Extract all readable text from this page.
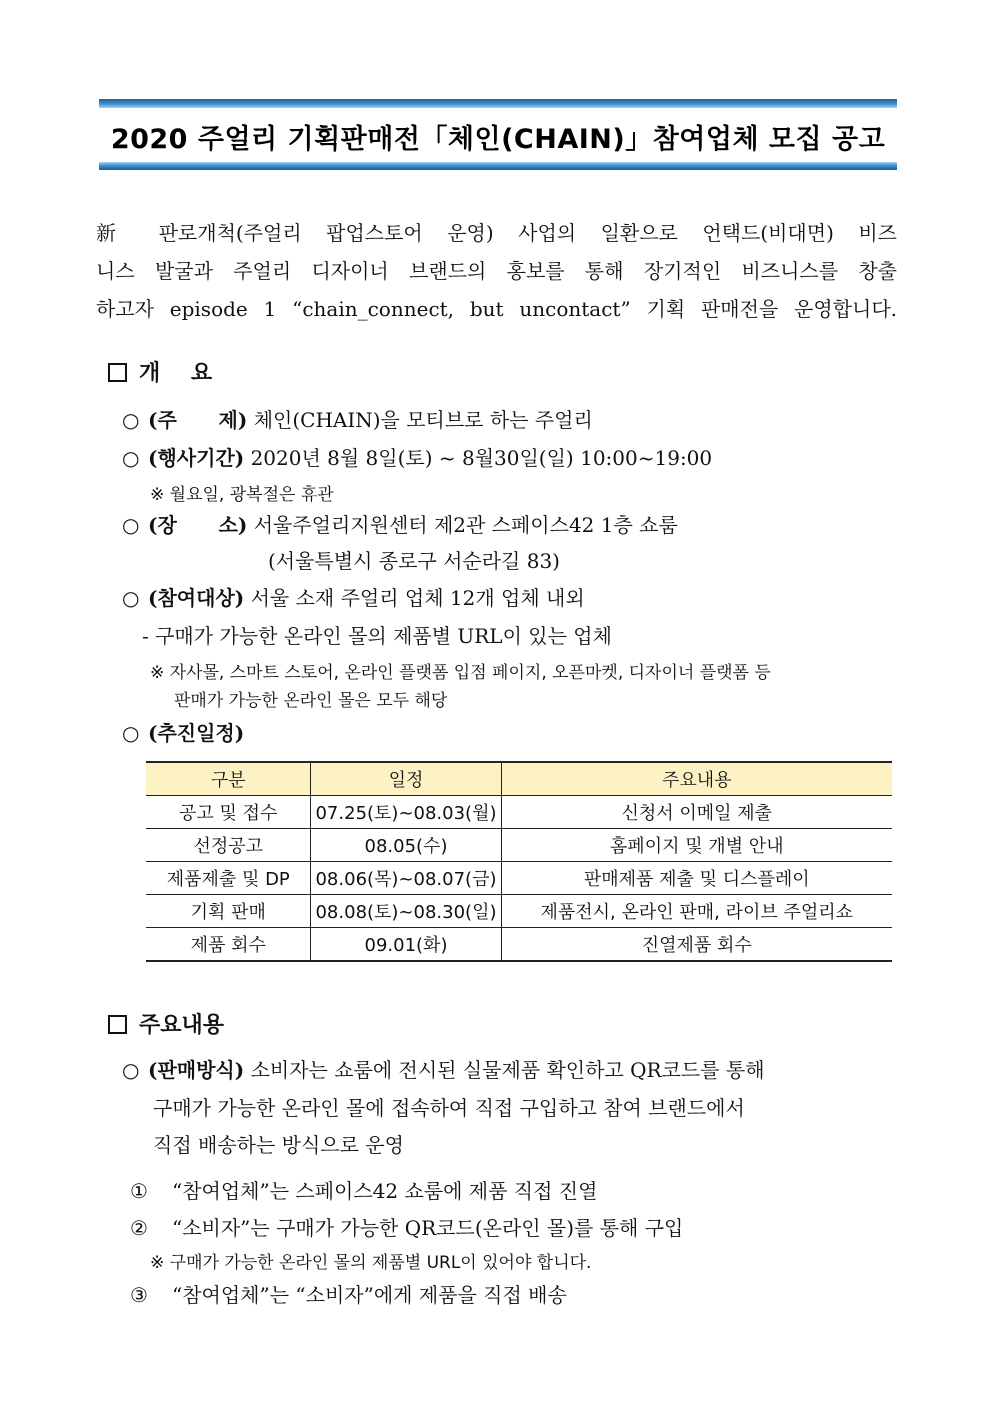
2020 주얼리 기획판매전「체인(CHAIN)」참여업체 모집 공고
新 판로개척(주얼리 팝업스토어 운영) 사업의 일환으로 언택드(비대면) 비즈
니스 발굴과 주얼리 디자이너 브랜드의 홍보를 통해 장기적인 비즈니스를 창출
하고자 episode 1 “chain_connect, but uncontact” 기획 판매전을 운영합니다.
개    요
○ (주      제) 체인(CHAIN)을 모티브로 하는 주얼리
○ (행사기간) 2020년 8월 8일(토) ~ 8월30일(일) 10:00~19:00
※ 월요일, 광복절은 휴관
○ (장      소) 서울주얼리지원센터 제2관 스페이스42 1층 쇼룸
(서울특별시 종로구 서순라길 83)
○ (참여대상) 서울 소재 주얼리 업체 12개 업체 내외
- 구매가 가능한 온라인 몰의 제품별 URL이 있는 업체
※ 자사몰, 스마트 스토어, 온라인 플랫폼 입점 페이지, 오픈마켓, 디자이너 플랫폼 등
판매가 가능한 온라인 몰은 모두 해당
○ (추진일정)
구분	일정	주요내용
공고 및 접수	07.25(토)~08.03(월)	신청서 이메일 제출
선정공고	08.05(수)	홈페이지 및 개별 안내
제품제출 및 DP	08.06(목)~08.07(금)	판매제품 제출 및 디스플레이
기획 판매	08.08(토)~08.30(일)	제품전시, 온라인 판매, 라이브 주얼리쇼
제품 회수	09.01(화)	진열제품 회수
주요내용
○ (판매방식) 소비자는 쇼룸에 전시된 실물제품 확인하고 QR코드를 통해
구매가 가능한 온라인 몰에 접속하여 직접 구입하고 참여 브랜드에서
직접 배송하는 방식으로 운영
① “참여업체”는 스페이스42 쇼룸에 제품 직접 진열
② “소비자”는 구매가 가능한 QR코드(온라인 몰)를 통해 구입
※ 구매가 가능한 온라인 몰의 제품별 URL이 있어야 합니다.
③ “참여업체”는 “소비자”에게 제품을 직접 배송
